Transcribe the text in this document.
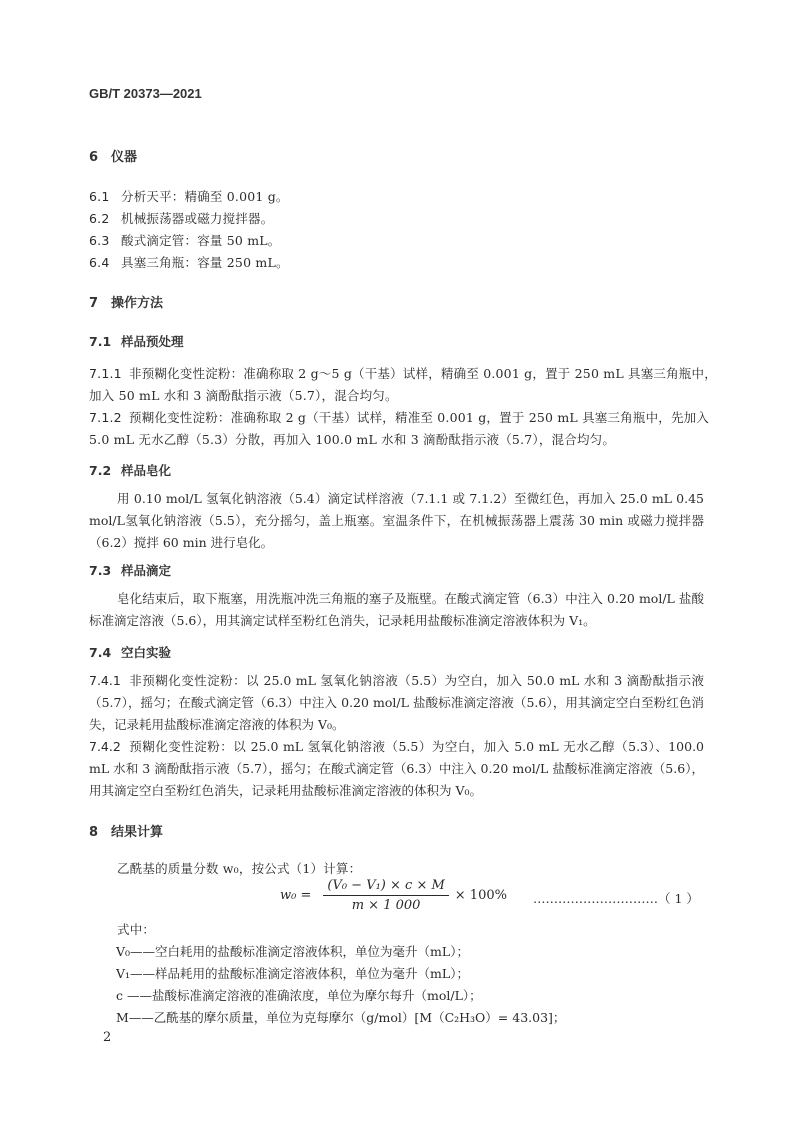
GB/T 20373—2021
6 仪器
6.1 分析天平：精确至 0.001 g。
6.2 机械振荡器或磁力搅拌器。
6.3 酸式滴定管：容量 50 mL。
6.4 具塞三角瓶：容量 250 mL。
7 操作方法
7.1 样品预处理
7.1.1 非预糊化变性淀粉：准确称取 2 g～5 g（干基）试样，精确至 0.001 g，置于 250 mL 具塞三角瓶中，
加入 50 mL 水和 3 滴酚酞指示液（5.7），混合均匀。
7.1.2 预糊化变性淀粉：准确称取 2 g（干基）试样，精准至 0.001 g，置于 250 mL 具塞三角瓶中，先加入
5.0 mL 无水乙醇（5.3）分散，再加入 100.0 mL 水和 3 滴酚酞指示液（5.7），混合均匀。
7.2 样品皂化
用 0.10 mol/L 氢氧化钠溶液（5.4）滴定试样溶液（7.1.1 或 7.1.2）至微红色，再加入 25.0 mL 0.45 mol/L氢氧化钠溶液（5.5），充分摇匀，盖上瓶塞。室温条件下，在机械振荡器上震荡 30 min 或磁力搅拌器（6.2）搅拌 60 min 进行皂化。
7.3 样品滴定
皂化结束后，取下瓶塞，用洗瓶冲洗三角瓶的塞子及瓶壁。在酸式滴定管（6.3）中注入 0.20 mol/L 盐酸标准滴定溶液（5.6），用其滴定试样至粉红色消失，记录耗用盐酸标准滴定溶液体积为 V₁。
7.4 空白实验
7.4.1 非预糊化变性淀粉：以 25.0 mL 氢氧化钠溶液（5.5）为空白，加入 50.0 mL 水和 3 滴酚酞指示液（5.7），摇匀；在酸式滴定管（6.3）中注入 0.20 mol/L 盐酸标准滴定溶液（5.6），用其滴定空白至粉红色消失，记录耗用盐酸标准滴定溶液的体积为 V₀。
7.4.2 预糊化变性淀粉：以 25.0 mL 氢氧化钠溶液（5.5）为空白，加入 5.0 mL 无水乙醇（5.3）、100.0 mL 水和 3 滴酚酞指示液（5.7），摇匀；在酸式滴定管（6.3）中注入 0.20 mol/L 盐酸标准滴定溶液（5.6），用其滴定空白至粉红色消失，记录耗用盐酸标准滴定溶液的体积为 V₀。
8 结果计算
乙酰基的质量分数 w₀，按公式（1）计算：
$w_0 = \frac{\text{(V₀ − V₁) × c × M}}{m \times 1 000} \times 100\%$ …………………………（ 1 ）
式中：
V₀——空白耗用的盐酸标准滴定溶液体积，单位为毫升（mL）；
V₁——样品耗用的盐酸标准滴定溶液体积，单位为毫升（mL）；
c ——盐酸标准滴定溶液的准确浓度，单位为摩尔每升（mol/L）；
M——乙酰基的摩尔质量，单位为克每摩尔（g/mol）[M（C₂H₃O）= 43.03]；
2
